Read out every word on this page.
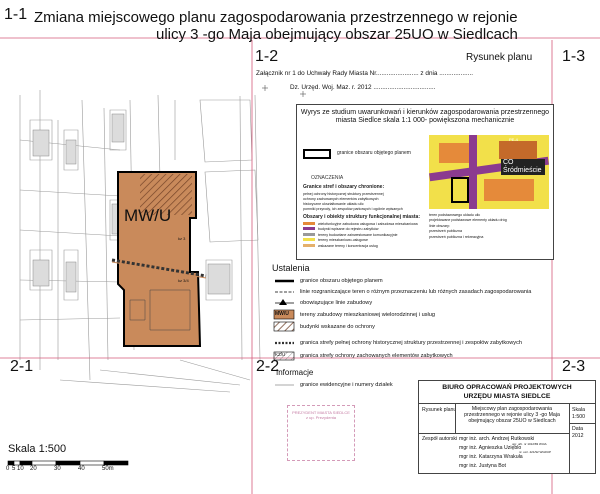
1-1 Zmiana miejscowego planu zagospodarowania przestrzennego w rejonie
ulicy 3 -go Maja obejmujący obszar 25UO w Siedlcach
Rysunek planu
1-2	1-3
2-1	2-2	2-3
Załącznik nr 1 do Uchwały Rady Miasta Nr........................ z dnia ...................
Dz. Urzęd. Woj. Maz. r. 2012 ...................................
MW/U
kz 3
kz 3/4
Wyrys ze studium uwarunkowań i kierunków zagospodarowania przestrzennego miasta Siedlce skala 1:1 000- powiększona mechanicznie
granice obszaru objętego planem
OZNACZENIA
Granice stref i obszary chronione:
pełnej ochrony historycznej struktury przestrzennej
ochrony zachowanych elementów zabytkowych
historyczne ukształtowanie układu ulic
pomniki przyrody, ich zespołów parkowych i ogólnie wpisanych
Obszary i obiekty struktury funkcjonalnej miasta:
wielofunkcyjne zabudowa usługowa i zabudowa mieszkaniowa
budynki wpisane do rejestru zabytków
tereny budowlane zainwestowane komunikacyjnie
tereny mieszkaniowo-usługowe
wskazane tereny i koncentracja usług
CO Śródmieście
PE-4
teren podstawowego układu ulic
projektowane podstawowe elementy układu dróg
linie obszary:
przestrzeń publiczna
przestrzeń publiczna i rekreacyjna
Ustalenia
granice obszaru objętego planem
linie rozgraniczające teren o różnym przeznaczeniu lub różnych zasadach zagospodarowania
obowiązujące linie zabudowy
tereny zabudowy mieszkaniowej wielorodzinnej i usług
MW/U
budynki wskazane do ochrony
granica strefy pełnej ochrony historycznej struktury przestrzennej i zespołów zabytkowych
granica strefy ochrony zachowanych elementów zabytkowych
KZ/U
Informacje
granice ewidencyjne i numery działek
Skala 1:500
0 5 10 20	30	40	50m
PREZYDENT MIASTA SIEDLCE
z up. Prezydenta
BIURO OPRACOWAŃ PROJEKTOWYCH
URZĘDU MIASTA SIEDLCE
Rysunek planu	Miejscowy plan zagospodarowania przestrzennego w rejonie ulicy 3 -go Maja obejmujący obszar 25UO w Siedlcach
Skala
1:500
Data
2012
Zespół autorski mgr inż. arch. Andrzej Rutkowski
upr. urb. nr 1012/83 WUiA
mgr inż. Agnieszka Uzięblo
nr. ucz. 421/92 WGRUP
mgr inż. Katarzyna Wrakuła
mgr inż. Justyna Bot
